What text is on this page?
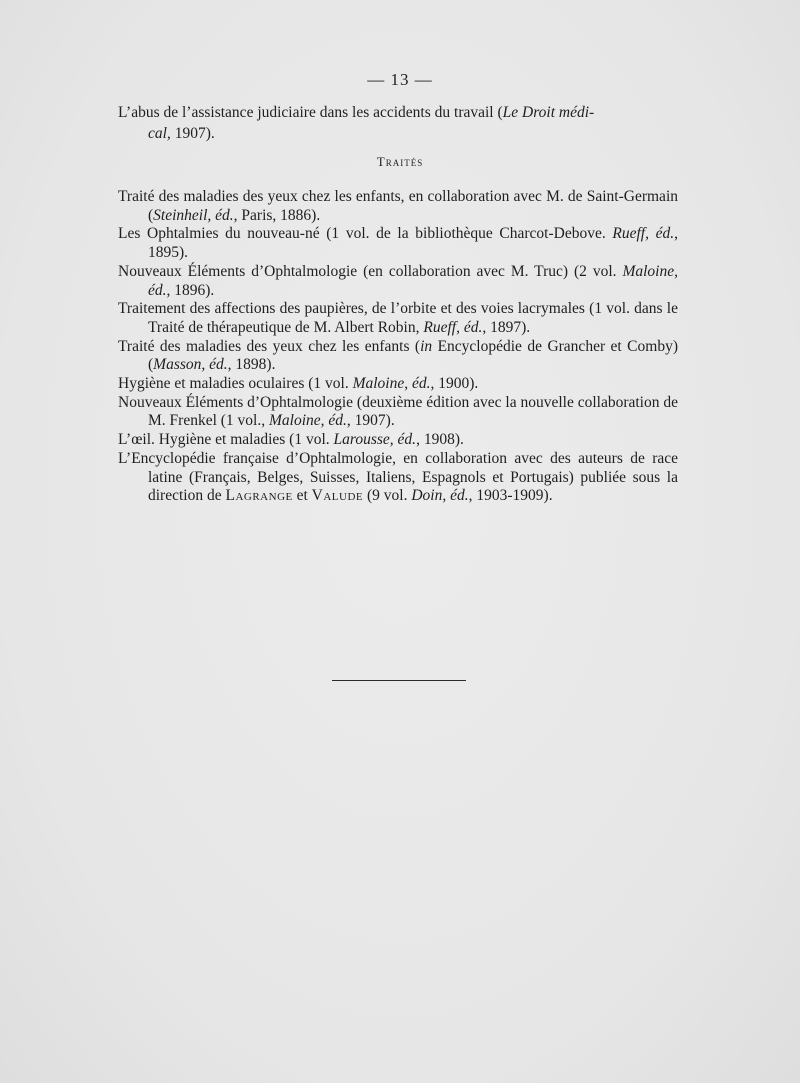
— 13 —
L’abus de l’assistance judiciaire dans les accidents du travail (Le Droit médi-
cal, 1907).
Traités

Traité des maladies des yeux chez les enfants, en collaboration avec M. de Saint-Germain (Steinheil, éd., Paris, 1886).

Les Ophtalmies du nouveau-né (1 vol. de la bibliothèque Charcot-Debove. Rueff, éd., 1895).

Nouveaux Éléments d’Ophtalmologie (en collaboration avec M. Truc) (2 vol. Maloine, éd., 1896).

Traitement des affections des paupières, de l’orbite et des voies lacrymales (1 vol. dans le Traité de thérapeutique de M. Albert Robin, Rueff, éd., 1897).

Traité des maladies des yeux chez les enfants (in Encyclopédie de Grancher et Comby) (Masson, éd., 1898).

Hygiène et maladies oculaires (1 vol. Maloine, éd., 1900).

Nouveaux Éléments d’Ophtalmologie (deuxième édition avec la nouvelle collaboration de M. Frenkel (1 vol., Maloine, éd., 1907).

L’œil. Hygiène et maladies (1 vol. Larousse, éd., 1908).

L’Encyclopédie française d’Ophtalmologie, en collaboration avec des auteurs de race latine (Français, Belges, Suisses, Italiens, Espagnols et Portugais) publiée sous la direction de Lagrange et Valude (9 vol. Doin, éd., 1903-1909).
